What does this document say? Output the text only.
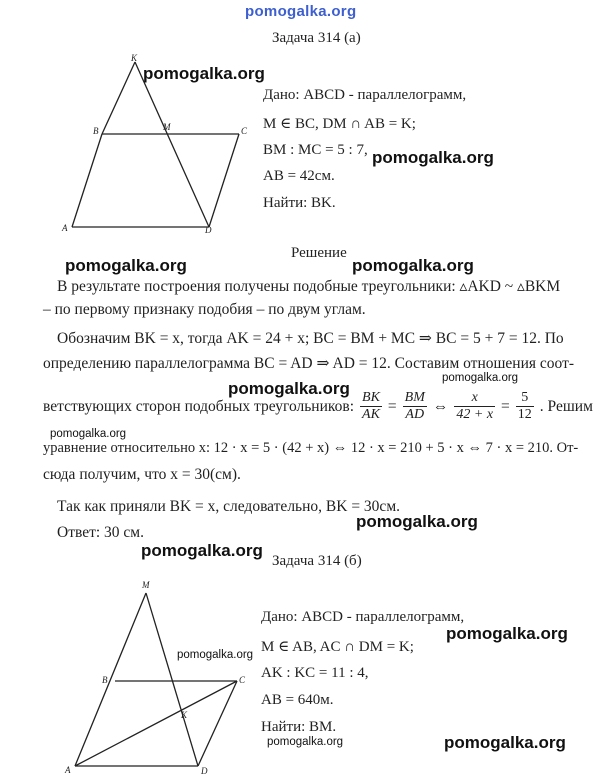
pomogalka.org
Задача 314 (а)
K
B	M	C
A	D
Дано: ABCD - параллелограмм,
M ∈ BC, DM ∩ AB = K;
BM : MC = 5 : 7,
AB = 42см.
Найти: BK.
pomogalka.org
pomogalka.org
Решение
pomogalka.org	pomogalka.org
В результате построения получены подобные треугольники: ▵AKD ~ ▵BKM
– по первому признаку подобия – по двум углам.
Обозначим BK = x, тогда AK = 24 + x; BC = BM + MC ⇒ BC = 5 + 7 = 12. По
определению параллелограмма BC = AD ⇒ AD = 12. Составим отношения соот-
pomogalka.org
pomogalka.org
ветствующих сторон подобных треугольников: $\frac{BK}{AK} = \frac{BM}{AD}$ ⇔ $\frac{x}{42 + x} = \frac{5}{12}$ . Решим
pomogalka.org
уравнение относительно x: 12 · x = 5 · (42 + x) ⇔ 12 · x = 210 + 5 · x ⇔ 7 · x = 210. От-
сюда получим, что x = 30(см).
Так как приняли BK = x, следовательно, BK = 30см.
pomogalka.org
Ответ: 30 см.
pomogalka.org
Задача 314 (б)
M
B	C
K
A	D
pomogalka.org
Дано: ABCD - параллелограмм,
M ∈ AB, AC ∩ DM = K;
AK : KC = 11 : 4,
AB = 640м.
Найти: BM.
pomogalka.org
pomogalka.org	pomogalka.org
